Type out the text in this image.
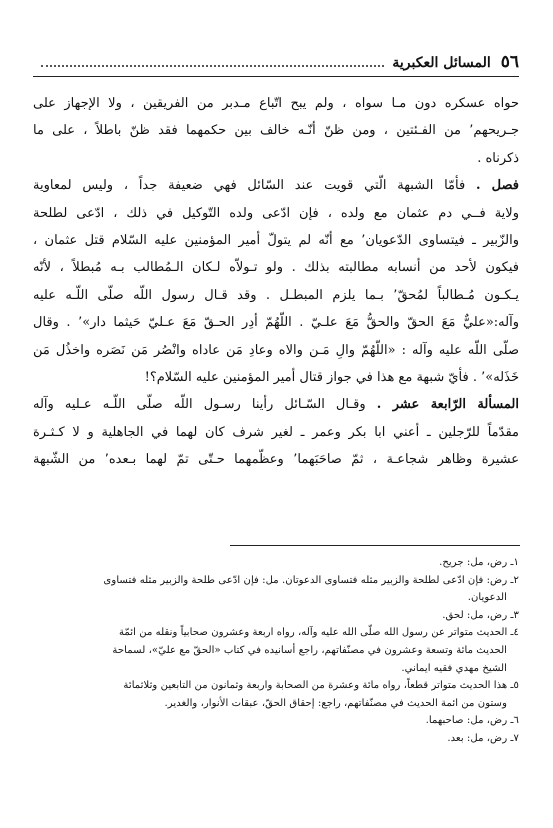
٥٦
المسائل العكبرية
حواه عسكره دون مـا سواه ، ولم يبح اتّباع مـدبر من الفريقين ، ولا الإجهاز على
جـريحهم٬ من الفـئتين ، ومن ظنّ أنّـه خالف بين حكمهما فقد ظنّ باطلاً ، على ما
ذكرناه .
فصل . فأمّا الشبهة الّتي قويت عند السّائل فهي ضعيفة جداً ، وليس لمعاوية
ولاية فــي دم عثمان مع ولده ، فإن ادّعى ولده التّوكيل في ذلك ، ادّعى لطلحة
والزّبير ـ فيتساوى الدّعويان٬ مع أنّه لم يتولّ أمير المؤمنين عليه السّلام قتل عثمان ،
فيكون لأحد من أنسابه مطالبته بذلك . ولو تـولاّه لـكان الـمُطالب بـه مُبطلاً ، لأنّه
يـكـون مُـطالباً لمُحقّ٬ بـما يلزم المبطـل . وقد قـال رسول اللّه صلّى اللّـه عليه
وآله:«عليٌّ مَعَ الحقّ والحقُّ مَعَ علـيّ . اللّهُمّ أدِر الحـقّ مَعَ عـليّ حَيثما دار»٬ . وقال
صلّى اللّه عليه وآله : «اللّهُمّ والِ مَـن والاه وعادِ مَن عاداه وانْصُر مَن نَصَره واخذُل مَن
خَذَله»٬ . فأيّ شبهة مع هذا في جواز قتال أمير المؤمنين عليه السّلام؟!
المسألة الرّابعة عشر . وقـال السّـائل رأينا رسـول اللّه صلّى اللّـه عـليه وآله
مقدّماً للرّجلين ـ أعني ابا بكر وعمر ـ لغير شرف كان لهما في الجاهلية و لا كـثـرة
عشيرة وظاهر شجاعـة ، ثمّ صاحَبَهما٬ وعظّمهما حـتّى تمّ لهما بـعده٬ من الشّبهة
١ـ رض، مل: جريح.
٢ـ رض: فإن ادّعى لطلحة والزبير مثله فتساوى الدعوتان. مل: فإن ادّعى طلحة والزبير مثله فتساوى
الدعويان.
٣ـ رض، مل: لحق.
٤ـ الحديث متواتر عن رسول الله صلّى الله عليه وآله، رواه اربعة وعشرون صحابياً ونقله من ائمّة
الحديث مائة وتسعة وعشرون في مصنّفاتهم، راجع أسانيده في كتاب «الحقّ مع عليّ»، لسماحة
الشيخ مهدي فقيه ايماني.
٥ـ هذا الحديث متواتر قطعاً، رواه مائة وعشرة من الصحابة واربعة وثمانون من التابعين وثلاثمائة
وستون من ائمة الحديث في مصنّفاتهم، راجع: إحقاق الحقّ، عبقات الأنوار، والغدير.
٦ـ رض، مل: صاحبهما.
٧ـ رض، مل: بعد.
